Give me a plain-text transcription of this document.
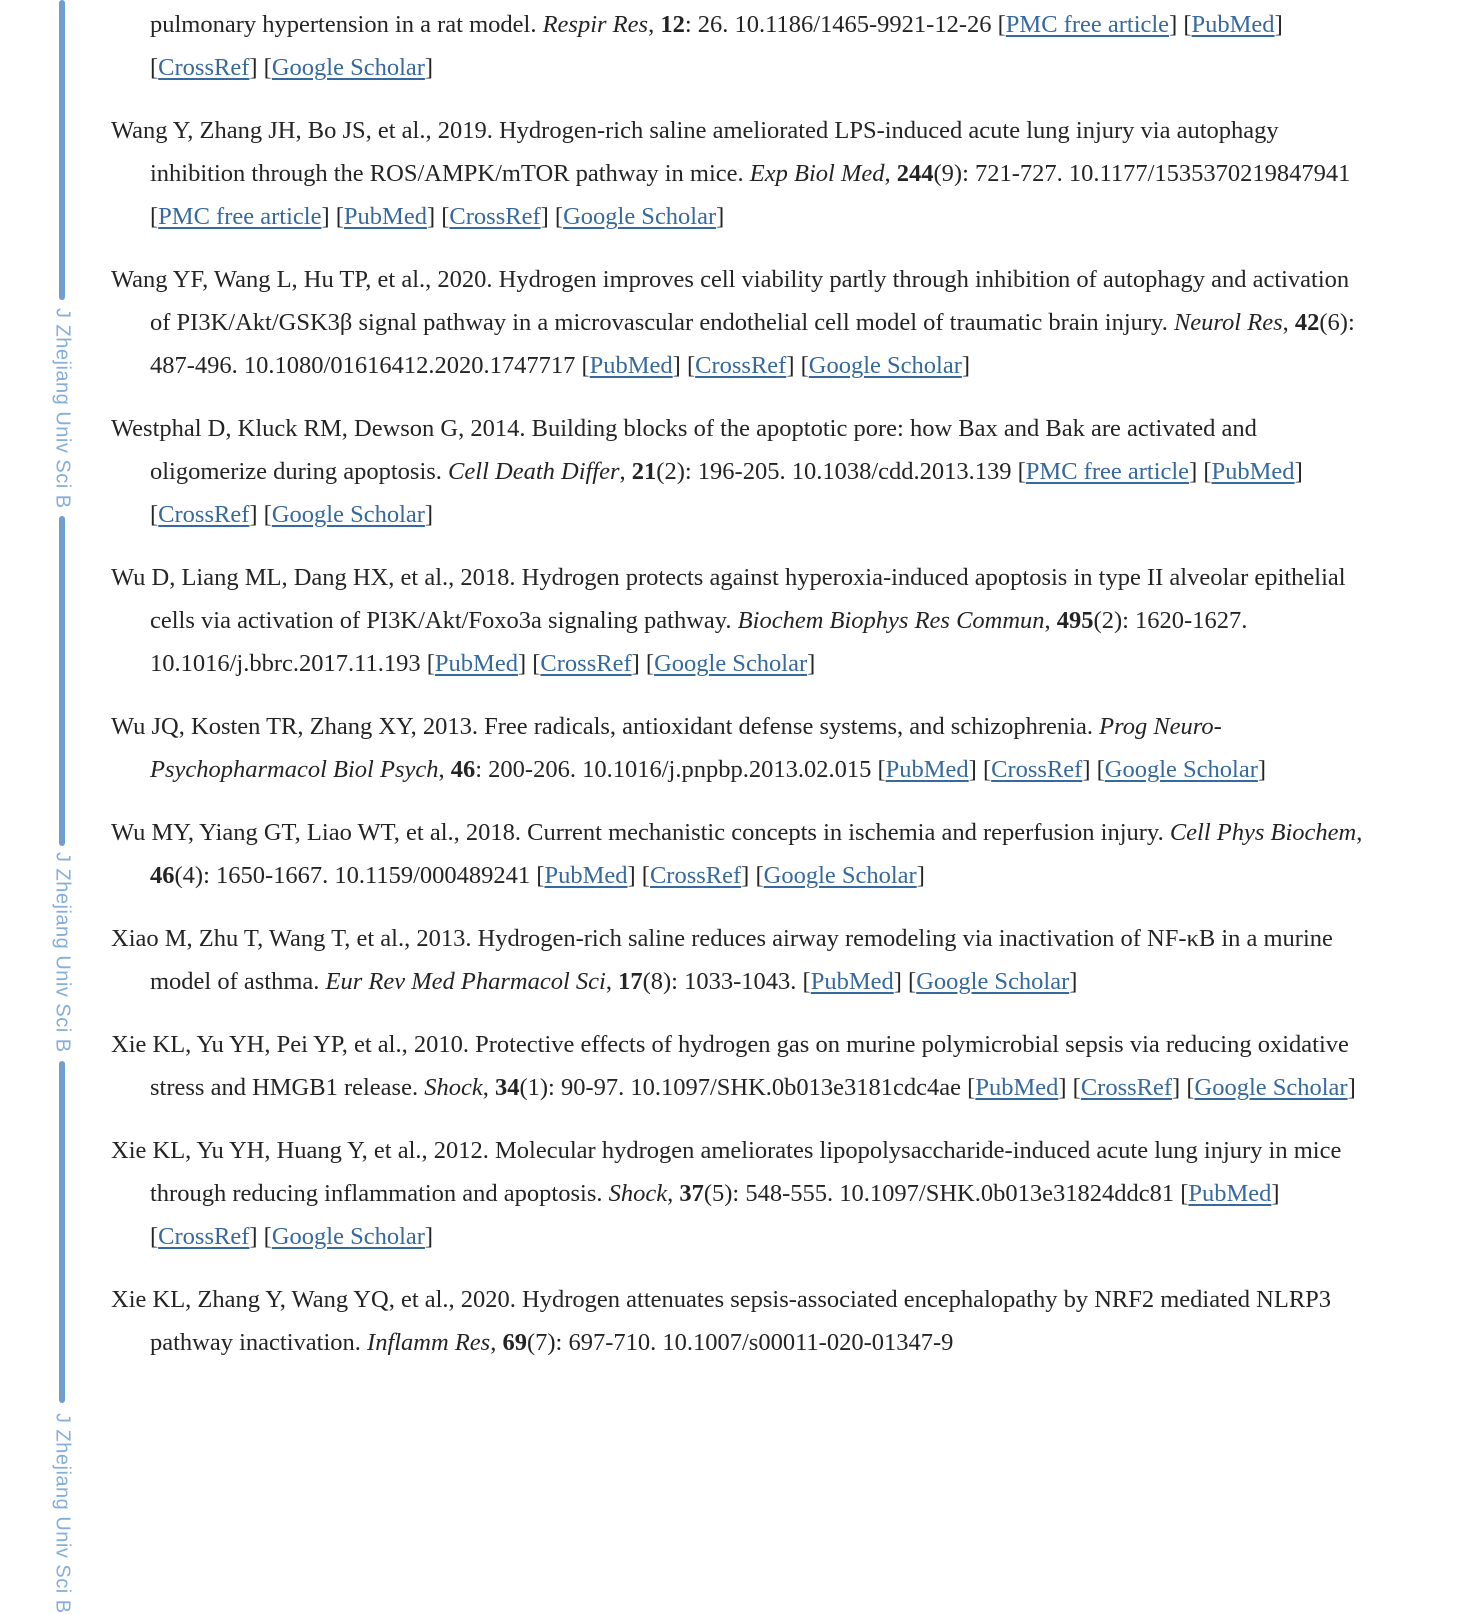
J Zhejiang Univ Sci B
J Zhejiang Univ Sci B
J Zhejiang Univ Sci B

pulmonary hypertension in a rat model. Respir Res, 12: 26. 10.1186/1465-9921-12-26 [PMC free article] [PubMed] [CrossRef] [Google Scholar]

Wang Y, Zhang JH, Bo JS, et al., 2019. Hydrogen-rich saline ameliorated LPS-induced acute lung injury via autophagy inhibition through the ROS/AMPK/mTOR pathway in mice. Exp Biol Med, 244(9): 721-727. 10.1177/1535370219847941 [PMC free article] [PubMed] [CrossRef] [Google Scholar]

Wang YF, Wang L, Hu TP, et al., 2020. Hydrogen improves cell viability partly through inhibition of autophagy and activation of PI3K/Akt/GSK3β signal pathway in a microvascular endothelial cell model of traumatic brain injury. Neurol Res, 42(6): 487-496. 10.1080/01616412.2020.1747717 [PubMed] [CrossRef] [Google Scholar]

Westphal D, Kluck RM, Dewson G, 2014. Building blocks of the apoptotic pore: how Bax and Bak are activated and oligomerize during apoptosis. Cell Death Differ, 21(2): 196-205. 10.1038/cdd.2013.139 [PMC free article] [PubMed] [CrossRef] [Google Scholar]

Wu D, Liang ML, Dang HX, et al., 2018. Hydrogen protects against hyperoxia-induced apoptosis in type II alveolar epithelial cells via activation of PI3K/Akt/Foxo3a signaling pathway. Biochem Biophys Res Commun, 495(2): 1620-1627. 10.1016/j.bbrc.2017.11.193 [PubMed] [CrossRef] [Google Scholar]

Wu JQ, Kosten TR, Zhang XY, 2013. Free radicals, antioxidant defense systems, and schizophrenia. Prog Neuro-Psychopharmacol Biol Psych, 46: 200-206. 10.1016/j.pnpbp.2013.02.015 [PubMed] [CrossRef] [Google Scholar]

Wu MY, Yiang GT, Liao WT, et al., 2018. Current mechanistic concepts in ischemia and reperfusion injury. Cell Phys Biochem, 46(4): 1650-1667. 10.1159/000489241 [PubMed] [CrossRef] [Google Scholar]

Xiao M, Zhu T, Wang T, et al., 2013. Hydrogen-rich saline reduces airway remodeling via inactivation of NF-κB in a murine model of asthma. Eur Rev Med Pharmacol Sci, 17(8): 1033-1043. [PubMed] [Google Scholar]

Xie KL, Yu YH, Pei YP, et al., 2010. Protective effects of hydrogen gas on murine polymicrobial sepsis via reducing oxidative stress and HMGB1 release. Shock, 34(1): 90-97. 10.1097/SHK.0b013e3181cdc4ae [PubMed] [CrossRef] [Google Scholar]

Xie KL, Yu YH, Huang Y, et al., 2012. Molecular hydrogen ameliorates lipopolysaccharide-induced acute lung injury in mice through reducing inflammation and apoptosis. Shock, 37(5): 548-555. 10.1097/SHK.0b013e31824ddc81 [PubMed] [CrossRef] [Google Scholar]

Xie KL, Zhang Y, Wang YQ, et al., 2020. Hydrogen attenuates sepsis-associated encephalopathy by NRF2 mediated NLRP3 pathway inactivation. Inflamm Res, 69(7): 697-710. 10.1007/s00011-020-01347-9
